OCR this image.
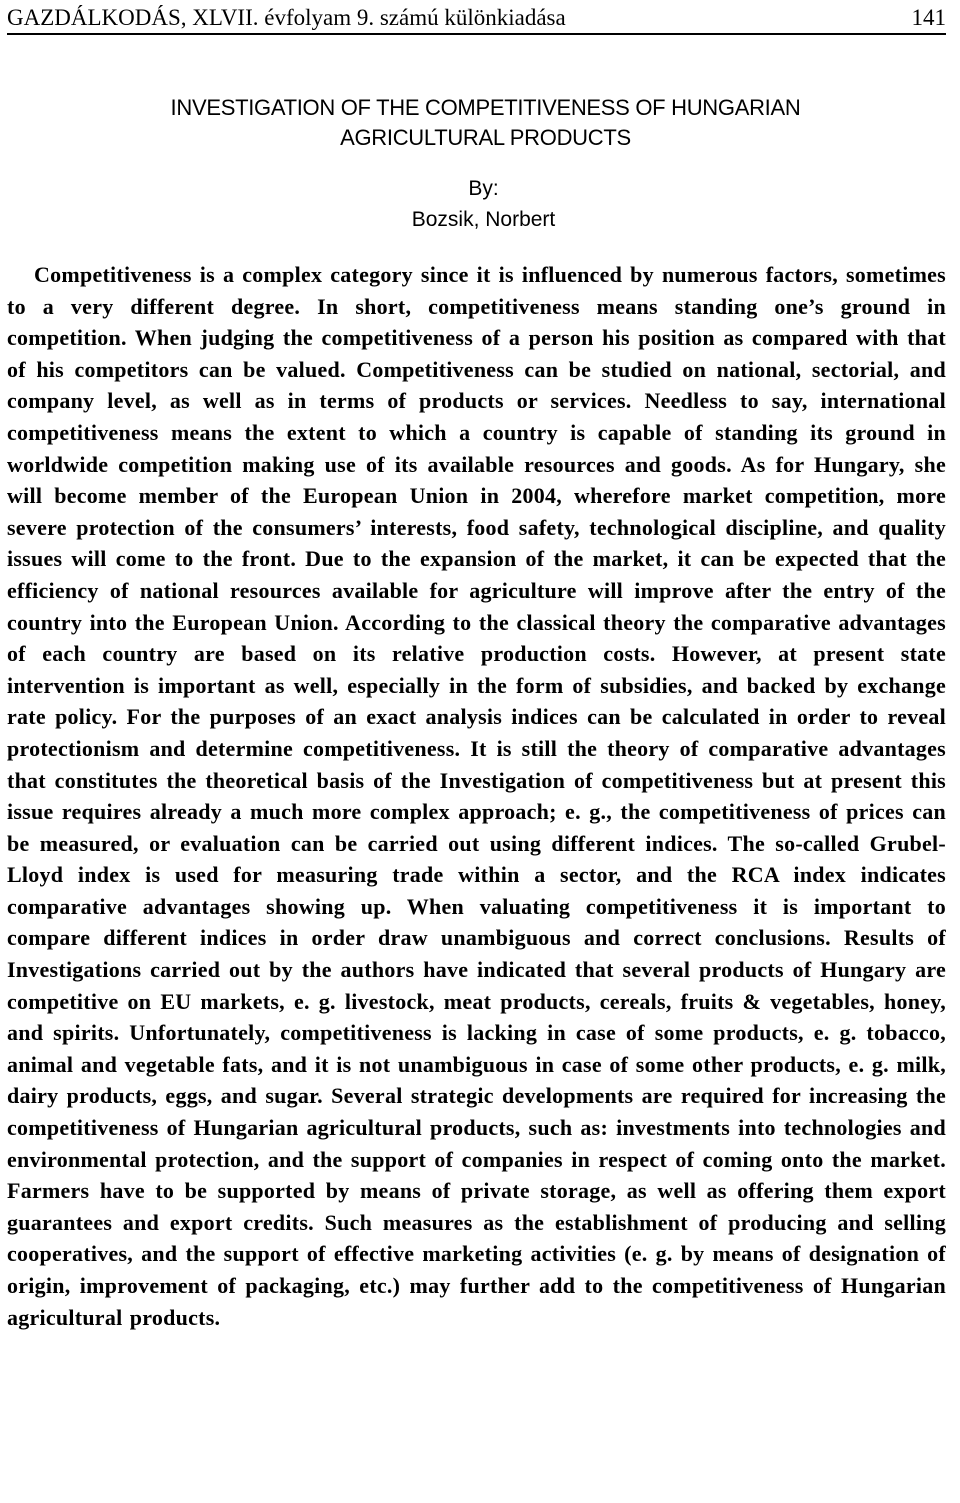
GAZDÁLKODÁS, XLVII. évfolyam 9. számú különkiadása	141
INVESTIGATION OF THE COMPETITIVENESS OF HUNGARIAN
AGRICULTURAL PRODUCTS
By:
Bozsik, Norbert

Competitiveness is a complex category since it is influenced by numerous factors, sometimes to a very different degree. In short, competitiveness means standing one’s ground in competition. When judging the competitiveness of a person his position as compared with that of his competitors can be valued. Competitiveness can be studied on national, sectorial, and company level, as well as in terms of products or services. Needless to say, international competitiveness means the extent to which a country is capable of standing its ground in worldwide competition making use of its available resources and goods. As for Hungary, she will become member of the European Union in 2004, wherefore market competition, more severe protection of the consumers’ interests, food safety, technological discipline, and quality issues will come to the front. Due to the expansion of the market, it can be expected that the efficiency of national resources available for agriculture will improve after the entry of the country into the European Union. According to the classical theory the comparative advantages of each country are based on its relative production costs. However, at present state intervention is important as well, especially in the form of subsidies, and backed by exchange rate policy. For the purposes of an exact analysis indices can be calculated in order to reveal protectionism and determine competitiveness. It is still the theory of comparative advantages that constitutes the theoretical basis of the Investigation of competitiveness but at present this issue requires already a much more complex approach; e. g., the competitiveness of prices can be measured, or evaluation can be carried out using different indices. The so-called Grubel-Lloyd index is used for measuring trade within a sector, and the RCA index indicates comparative advantages showing up. When valuating competitiveness it is important to compare different indices in order draw unambiguous and correct conclusions. Results of Investigations carried out by the authors have indicated that several products of Hungary are competitive on EU markets, e. g. livestock, meat products, cereals, fruits & vegetables, honey, and spirits. Unfortunately, competitiveness is lacking in case of some products, e. g. tobacco, animal and vegetable fats, and it is not unambiguous in case of some other products, e. g. milk, dairy products, eggs, and sugar. Several strategic developments are required for increasing the competitiveness of Hungarian agricultural products, such as: investments into technologies and environmental protection, and the support of companies in respect of coming onto the market. Farmers have to be supported by means of private storage, as well as offering them export guarantees and export credits. Such measures as the establishment of producing and selling cooperatives, and the support of effective marketing activities (e. g. by means of designation of origin, improvement of packaging, etc.) may further add to the competitiveness of Hungarian agricultural products.
